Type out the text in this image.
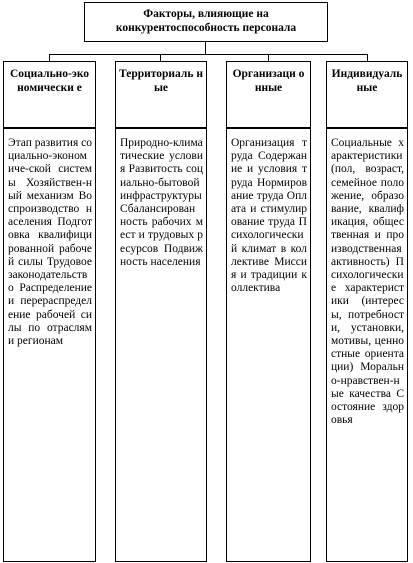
Факторы, влияющие на конкурентоспособность персонала
Социально-экономически е
Территориаль ные
Организаци онные
Индивидуальные
Этап развития социально-экономиче-ской системы Хозяйствен-ный механизм Воспроизводство населения Подготовка квалифицированной рабочей силы Трудовое законодательство Распределение и перераспределение рабочей силы по отраслям и регионам
Природно-климатические условия Развитость социально-бытовой инфраструктуры Сбалансирован ность рабочих мест и трудовых ресурсов Подвижность населения
Организация труда Содержание и условия труда Нормирование труда Оплата и стимулирование труда Психологический климат в коллективе Миссия и традиции коллектива
Социальные характеристики (пол, возраст, семейное положение, образование, квалификация, общественная и производственная активность) Психологические характеристики (интересы, потребности, установки, мотивы, ценностные ориентации) Морально-нравствен-ные качества Состояние здоровья
